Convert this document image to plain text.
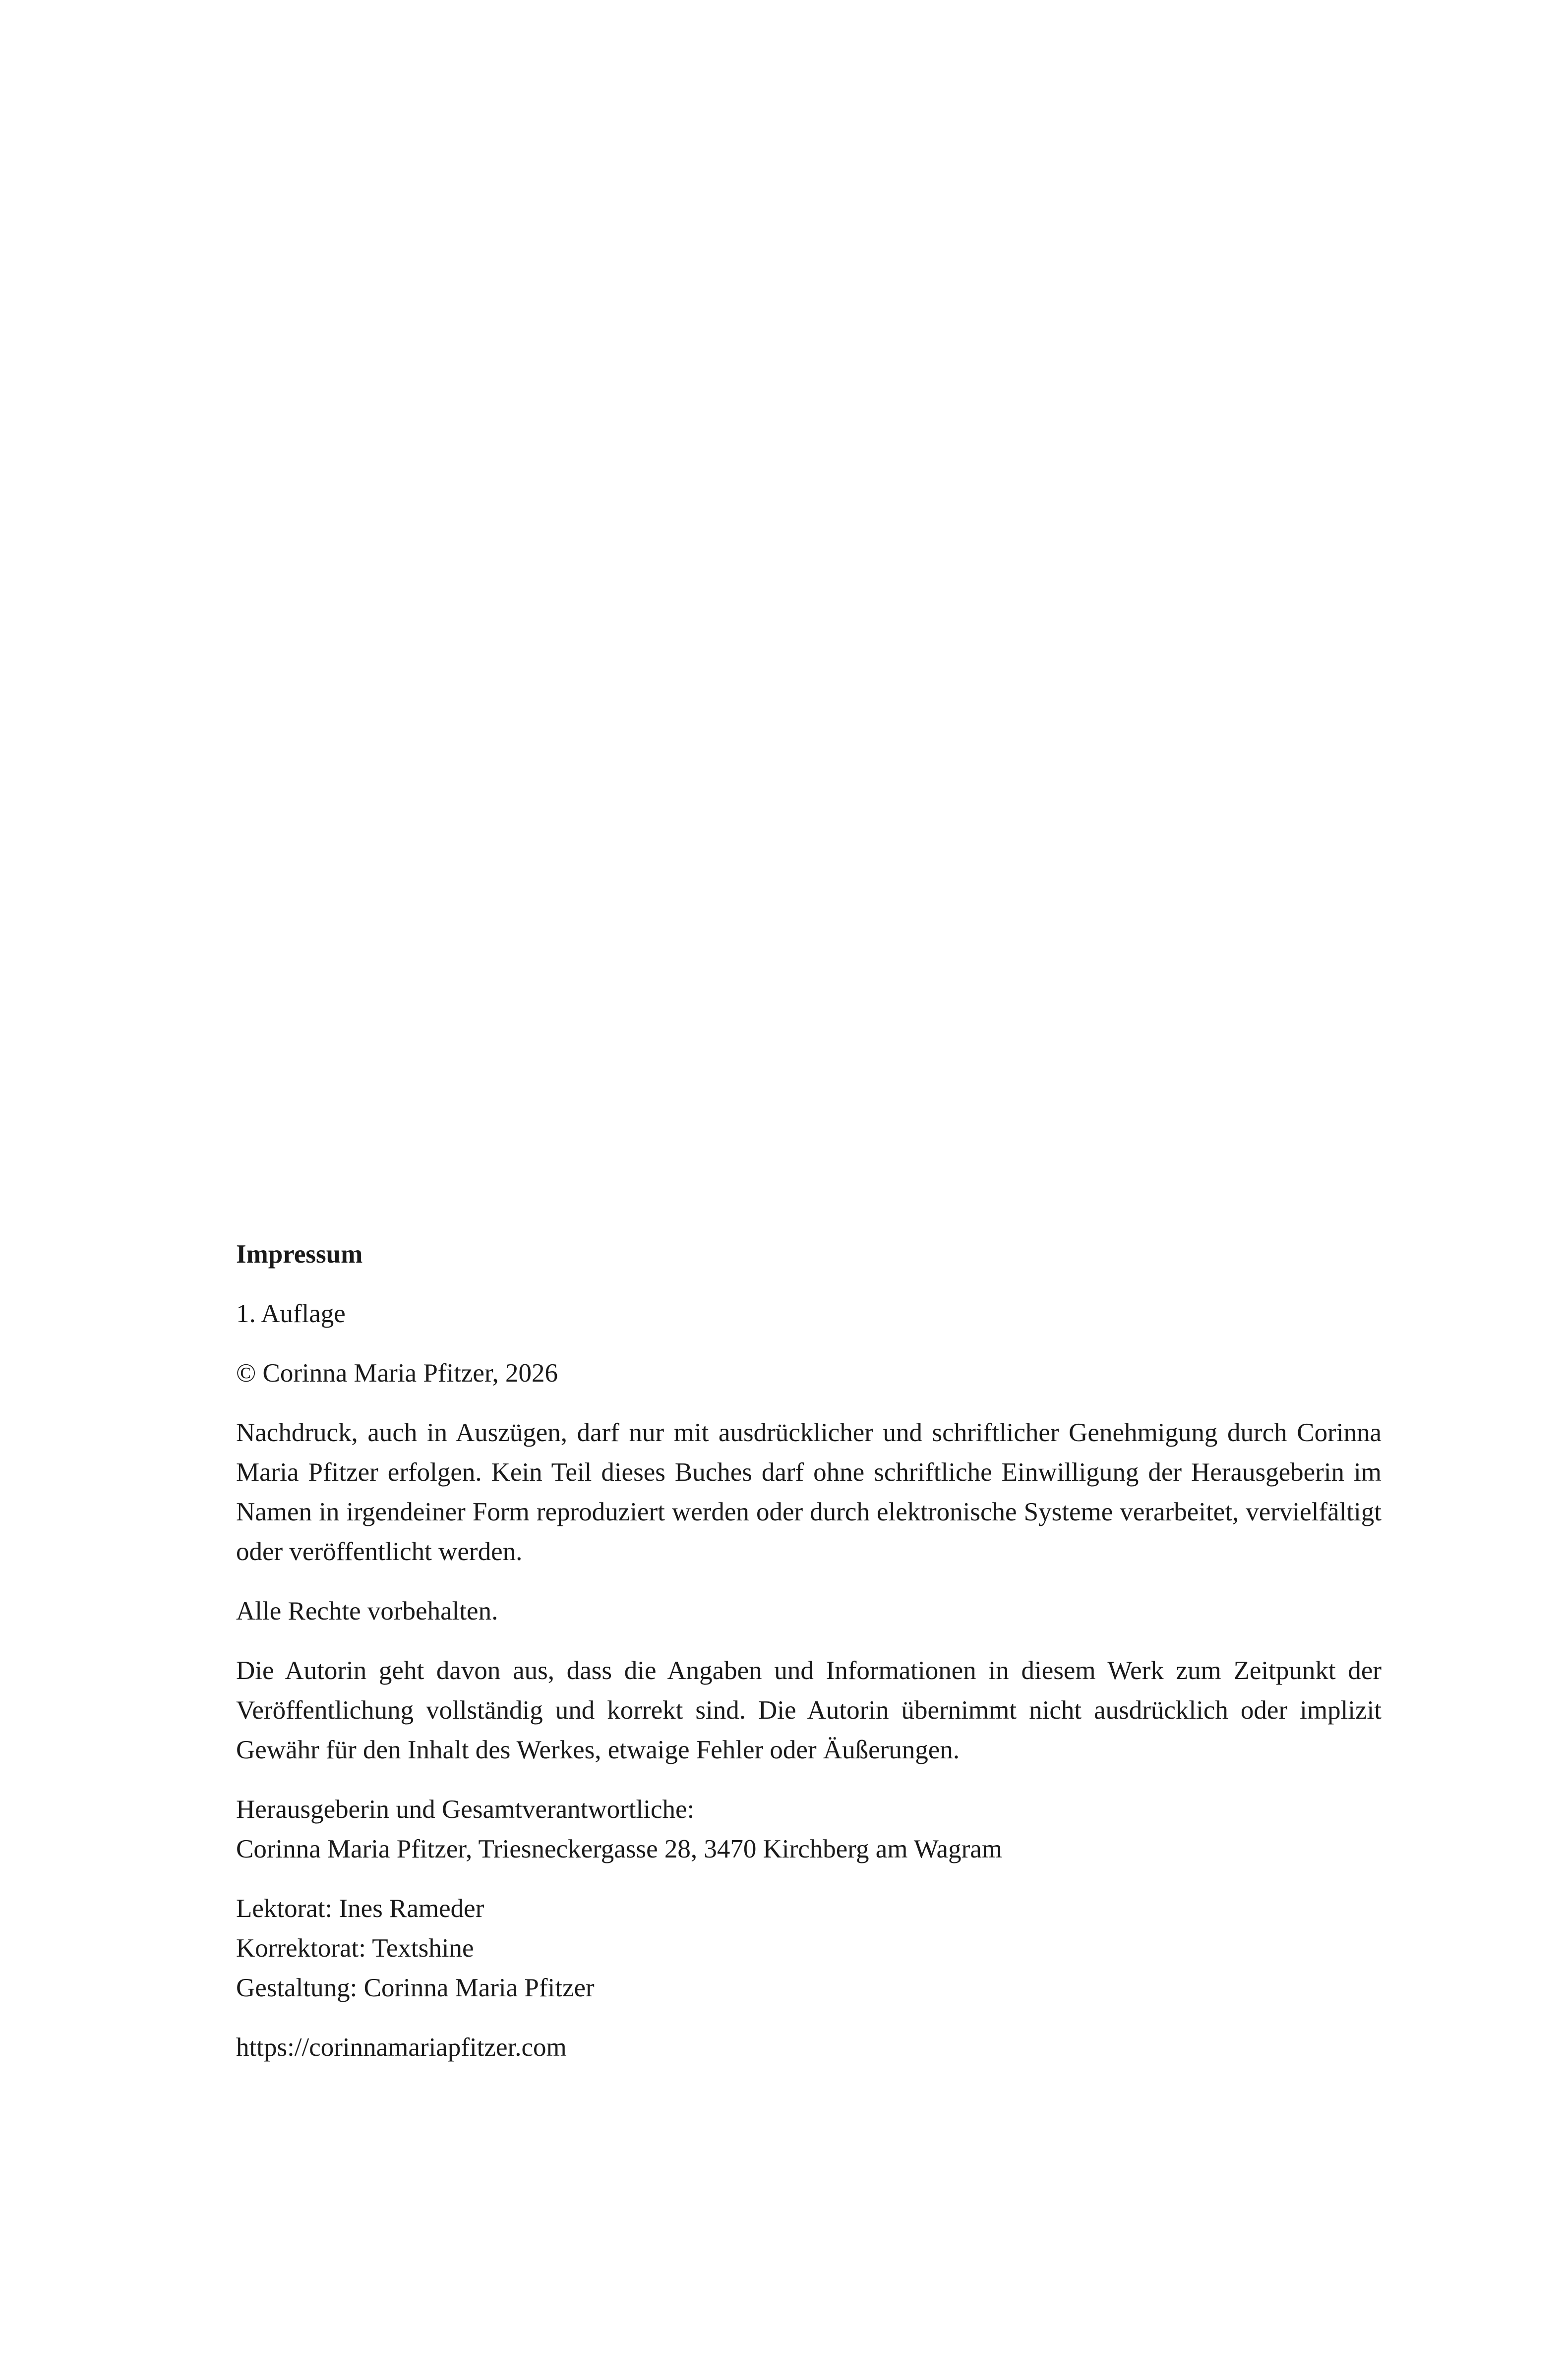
Impressum

1. Auflage

© Corinna Maria Pfitzer, 2026

Nachdruck, auch in Auszügen, darf nur mit ausdrücklicher und schriftlicher Genehmigung durch Corinna Maria Pfitzer erfolgen. Kein Teil dieses Buches darf ohne schriftliche Einwilligung der Herausgeberin im Namen in irgendeiner Form reproduziert werden oder durch elektronische Systeme verarbeitet, vervielfältigt oder veröffentlicht werden.

Alle Rechte vorbehalten.

Die Autorin geht davon aus, dass die Angaben und Informationen in diesem Werk zum Zeitpunkt der Veröffentlichung vollständig und korrekt sind. Die Autorin übernimmt nicht ausdrücklich oder implizit Gewähr für den Inhalt des Werkes, etwaige Fehler oder Äußerungen.

Herausgeberin und Gesamtverantwortliche:
Corinna Maria Pfitzer, Triesneckergasse 28, 3470 Kirchberg am Wagram

Lektorat: Ines Rameder
Korrektorat: Textshine
Gestaltung: Corinna Maria Pfitzer

https://corinnamariapfitzer.com
